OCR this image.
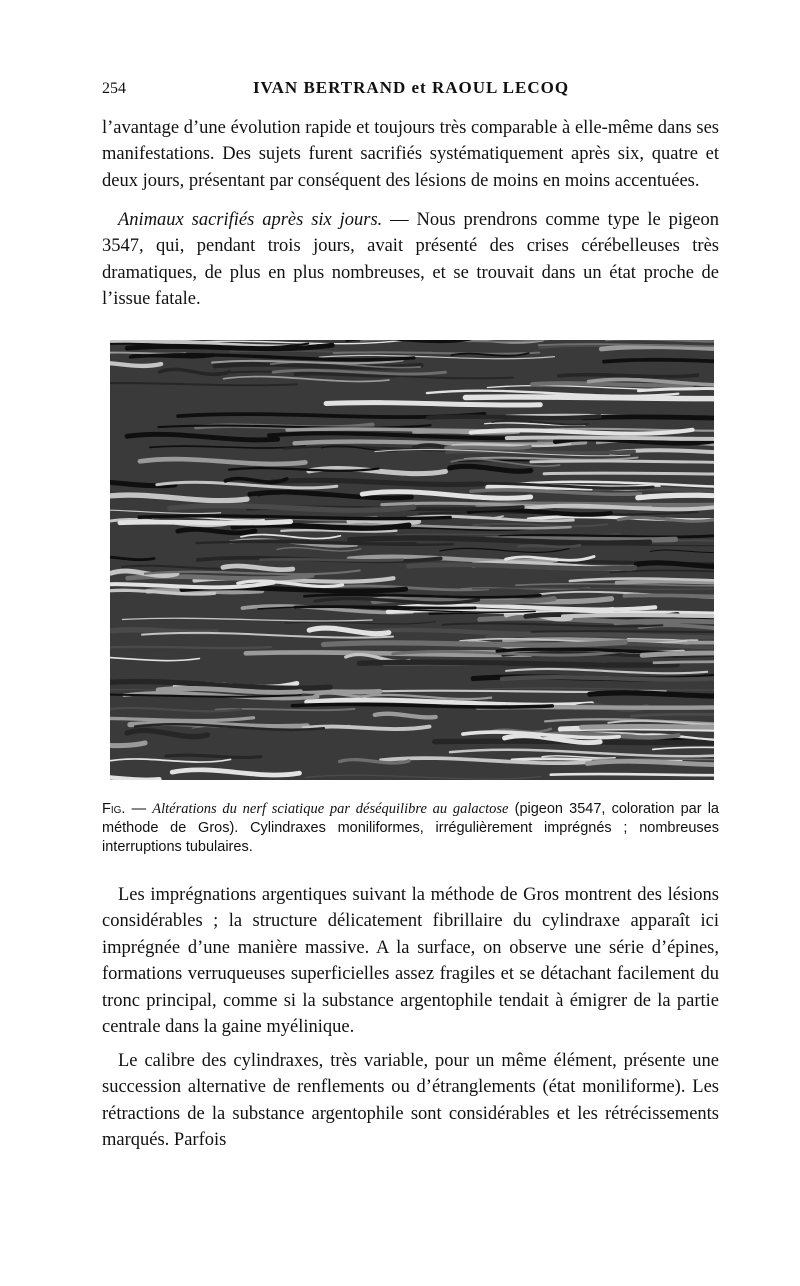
254	IVAN BERTRAND et RAOUL LECOQ

l’avantage d’une évolution rapide et toujours très comparable à elle-même dans ses manifestations. Des sujets furent sacrifiés systématiquement après six, quatre et deux jours, présentant par conséquent des lésions de moins en moins accentuées.

Animaux sacrifiés après six jours. — Nous prendrons comme type le pigeon 3547, qui, pendant trois jours, avait présenté des crises cérébelleuses très dramatiques, de plus en plus nombreuses, et se trouvait dans un état proche de l’issue fatale.

Fig. — Altérations du nerf sciatique par déséquilibre au galactose (pigeon 3547, coloration par la méthode de Gros). Cylindraxes moniliformes, irrégulièrement imprégnés ; nombreuses interruptions tubulaires.

Les imprégnations argentiques suivant la méthode de Gros montrent des lésions considérables ; la structure délicatement fibrillaire du cylindraxe apparaît ici imprégnée d’une manière massive. A la surface, on observe une série d’épines, formations verruqueuses superficielles assez fragiles et se détachant facilement du tronc principal, comme si la substance argentophile tendait à émigrer de la partie centrale dans la gaine myélinique.

Le calibre des cylindraxes, très variable, pour un même élément, présente une succession alternative de renflements ou d’étranglements (état moniliforme). Les rétractions de la substance argentophile sont considérables et les rétrécissements marqués. Parfois
